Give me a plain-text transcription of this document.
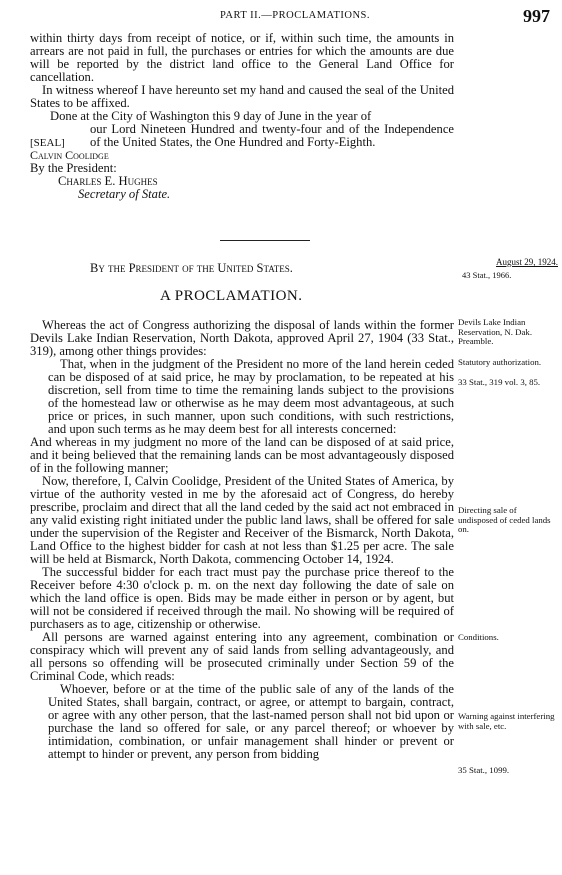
PART II.—PROCLAMATIONS.	997

within thirty days from receipt of notice, or if, within such time, the amounts in arrears are not paid in full, the purchases or entries for which the amounts are due will be reported by the district land office to the General Land Office for cancellation.

In witness whereof I have hereunto set my hand and caused the seal of the United States to be affixed.

Done at the City of Washington this 9 day of June in the year of

[SEAL]

our Lord Nineteen Hundred and twenty-four and of the Independence of the United States, the One Hundred and Forty-Eighth.

Calvin Coolidge

By the President:

Charles E. Hughes

Secretary of State.

By the President of the United States.
A PROCLAMATION.
August 29, 1924.
43 Stat., 1966.

Whereas the act of Congress authorizing the disposal of lands within the former Devils Lake Indian Reservation, North Dakota, approved April 27, 1904 (33 Stat., 319), among other things provides:

That, when in the judgment of the President no more of the land herein ceded can be disposed of at said price, he may by proclamation, to be repeated at his discretion, sell from time to time the remaining lands subject to the provisions of the homestead law or otherwise as he may deem most advantageous, at such price or prices, in such manner, upon such conditions, with such restrictions, and upon such terms as he may deem best for all interests concerned:

And whereas in my judgment no more of the land can be disposed of at said price, and it being believed that the remaining lands can be most advantageously disposed of in the following manner;

Now, therefore, I, Calvin Coolidge, President of the United States of America, by virtue of the authority vested in me by the aforesaid act of Congress, do hereby prescribe, proclaim and direct that all the land ceded by the said act not embraced in any valid existing right initiated under the public land laws, shall be offered for sale under the supervision of the Register and Receiver of the Bismarck, North Dakota, Land Office to the highest bidder for cash at not less than $1.25 per acre. The sale will be held at Bismarck, North Dakota, commencing October 14, 1924.

The successful bidder for each tract must pay the purchase price thereof to the Receiver before 4:30 o'clock p. m. on the next day following the date of sale on which the land office is open. Bids may be made either in person or by agent, but will not be considered if received through the mail. No showing will be required of purchasers as to age, citizenship or otherwise.

All persons are warned against entering into any agreement, combination or conspiracy which will prevent any of said lands from selling advantageously, and all persons so offending will be prosecuted criminally under Section 59 of the Criminal Code, which reads:

Whoever, before or at the time of the public sale of any of the lands of the United States, shall bargain, contract, or agree, or attempt to bargain, contract, or agree with any other person, that the last-named person shall not bid upon or purchase the land so offered for sale, or any parcel thereof; or whoever by intimidation, combination, or unfair management shall hinder or prevent or attempt to hinder or prevent, any person from bidding

Devils Lake Indian Reservation, N. Dak. Preamble.
Statutory authorization.
33 Stat., 319 vol. 3, 85.
Directing sale of undisposed of ceded lands on.
Conditions.
Warning against interfering with sale, etc.
35 Stat., 1099.
